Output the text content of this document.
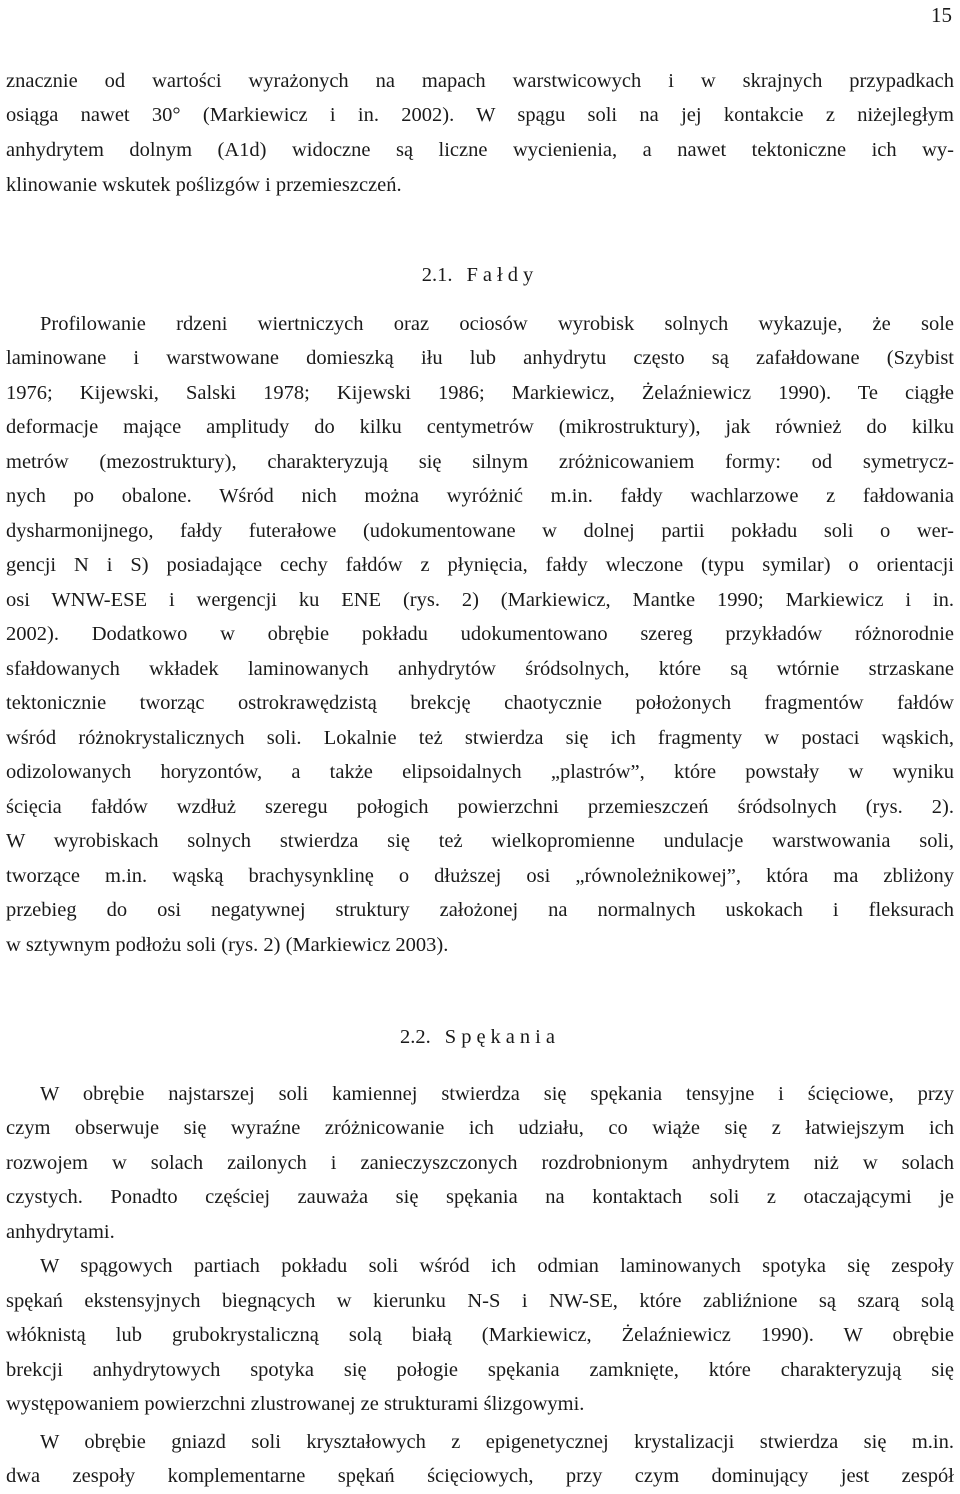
15
znacznie od wartości wyrażonych na mapach warstwicowych i w skrajnych przypadkach
osiąga nawet 30° (Markiewicz i in. 2002). W spągu soli na jej kontakcie z niżejległym
anhydrytem dolnym (A1d) widoczne są liczne wycienienia, a nawet tektoniczne ich wy-
klinowanie wskutek poślizgów i przemieszczeń.
2.1. Fałdy
Profilowanie rdzeni wiertniczych oraz ociosów wyrobisk solnych wykazuje, że sole
laminowane i warstwowane domieszką iłu lub anhydrytu często są zafałdowane (Szybist
1976; Kijewski, Salski 1978; Kijewski 1986; Markiewicz, Żelaźniewicz 1990). Te ciągłe
deformacje mające amplitudy do kilku centymetrów (mikrostruktury), jak również do kilku
metrów (mezostruktury), charakteryzują się silnym zróżnicowaniem formy: od symetrycz-
nych po obalone. Wśród nich można wyróżnić m.in. fałdy wachlarzowe z fałdowania
dysharmonijnego, fałdy futerałowe (udokumentowane w dolnej partii pokładu soli o wer-
gencji N i S) posiadające cechy fałdów z płynięcia, fałdy wleczone (typu symilar) o orientacji
osi WNW-ESE i wergencji ku ENE (rys. 2) (Markiewicz, Mantke 1990; Markiewicz i in.
2002). Dodatkowo w obrębie pokładu udokumentowano szereg przykładów różnorodnie
sfałdowanych wkładek laminowanych anhydrytów śródsolnych, które są wtórnie strzaskane
tektonicznie tworząc ostrokrawędzistą brekcję chaotycznie położonych fragmentów fałdów
wśród różnokrystalicznych soli. Lokalnie też stwierdza się ich fragmenty w postaci wąskich,
odizolowanych horyzontów, a także elipsoidalnych „plastrów”, które powstały w wyniku
ścięcia fałdów wzdłuż szeregu połogich powierzchni przemieszczeń śródsolnych (rys. 2).
W wyrobiskach solnych stwierdza się też wielkopromienne undulacje warstwowania soli,
tworzące m.in. wąską brachysynklinę o dłuższej osi „równoleżnikowej”, która ma zbliżony
przebieg do osi negatywnej struktury założonej na normalnych uskokach i fleksurach
w sztywnym podłożu soli (rys. 2) (Markiewicz 2003).
2.2. Spękania
W obrębie najstarszej soli kamiennej stwierdza się spękania tensyjne i ścięciowe, przy
czym obserwuje się wyraźne zróżnicowanie ich udziału, co wiąże się z łatwiejszym ich
rozwojem w solach zailonych i zanieczyszczonych rozdrobnionym anhydrytem niż w solach
czystych. Ponadto częściej zauważa się spękania na kontaktach soli z otaczającymi je
anhydrytami.
W spągowych partiach pokładu soli wśród ich odmian laminowanych spotyka się zespoły
spękań ekstensyjnych biegnących w kierunku N-S i NW-SE, które zabliźnione są szarą solą
włóknistą lub grubokrystaliczną solą białą (Markiewicz, Żelaźniewicz 1990). W obrębie
brekcji anhydrytowych spotyka się połogie spękania zamknięte, które charakteryzują się
występowaniem powierzchni zlustrowanej ze strukturami ślizgowymi.
W obrębie gniazd soli kryształowych z epigenetycznej krystalizacji stwierdza się m.in.
dwa zespoły komplementarne spękań ścięciowych, przy czym dominujący jest zespół
